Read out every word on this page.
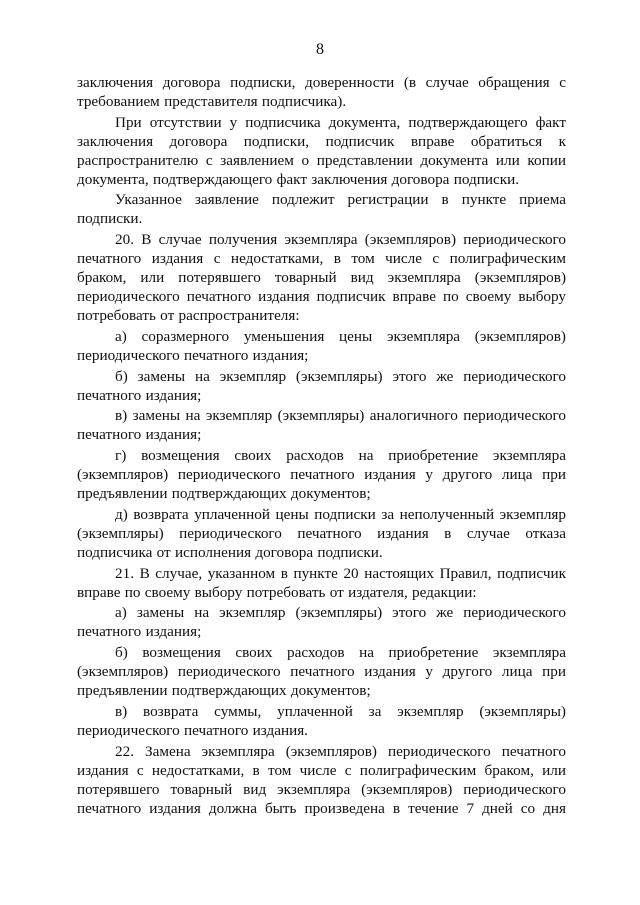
8

заключения договора подписки, доверенности (в случае обращения с требованием представителя подписчика).

При отсутствии у подписчика документа, подтверждающего факт заключения договора подписки, подписчик вправе обратиться к распространителю с заявлением о представлении документа или копии документа, подтверждающего факт заключения договора подписки.

Указанное заявление подлежит регистрации в пункте приема подписки.

20. В случае получения экземпляра (экземпляров) периодического печатного издания с недостатками, в том числе с полиграфическим браком, или потерявшего товарный вид экземпляра (экземпляров) периодического печатного издания подписчик вправе по своему выбору потребовать от распространителя:

а) соразмерного уменьшения цены экземпляра (экземпляров) периодического печатного издания;

б) замены на экземпляр (экземпляры) этого же периодического печатного издания;

в) замены на экземпляр (экземпляры) аналогичного периодического печатного издания;

г) возмещения своих расходов на приобретение экземпляра (экземпляров) периодического печатного издания у другого лица при предъявлении подтверждающих документов;

д) возврата уплаченной цены подписки за неполученный экземпляр (экземпляры) периодического печатного издания в случае отказа подписчика от исполнения договора подписки.

21. В случае, указанном в пункте 20 настоящих Правил, подписчик вправе по своему выбору потребовать от издателя, редакции:

а) замены на экземпляр (экземпляры) этого же периодического печатного издания;

б) возмещения своих расходов на приобретение экземпляра (экземпляров) периодического печатного издания у другого лица при предъявлении подтверждающих документов;

в) возврата суммы, уплаченной за экземпляр (экземпляры) периодического печатного издания.

22. Замена экземпляра (экземпляров) периодического печатного издания с недостатками, в том числе с полиграфическим браком, или потерявшего товарный вид экземпляра (экземпляров) периодического печатного издания должна быть произведена в течение 7 дней со дня
